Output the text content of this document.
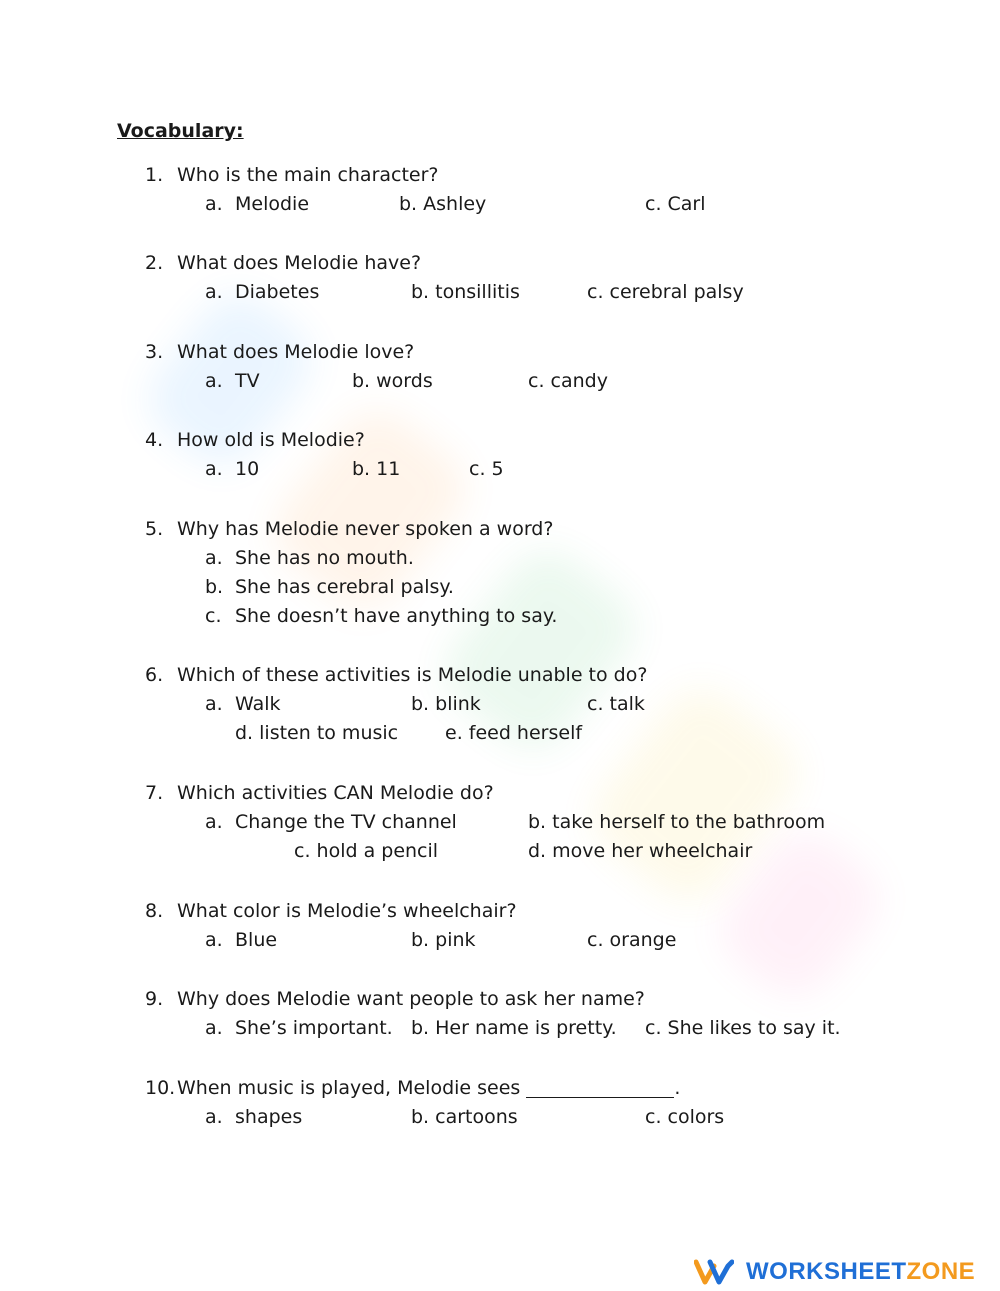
Vocabulary:
1. Who is the main character?
a. Melodie	b. Ashley	c. Carl
2. What does Melodie have?
a. Diabetes	b. tonsillitis	c. cerebral palsy
3. What does Melodie love?
a. TV	b. words	c. candy
4. How old is Melodie?
a. 10	b. 11	c. 5
5. Why has Melodie never spoken a word?
a. She has no mouth.
b. She has cerebral palsy.
c. She doesn’t have anything to say.
6. Which of these activities is Melodie unable to do?
a. Walk	b. blink	c. talk
d. listen to music e. feed herself
7. Which activities CAN Melodie do?
a. Change the TV channel	b. take herself to the bathroom
c. hold a pencil	d. move her wheelchair
8. What color is Melodie’s wheelchair?
a. Blue	b. pink	c. orange
9. Why does Melodie want people to ask her name?
a. She’s important. b. Her name is pretty. c. She likes to say it.
10. When music is played, Melodie sees
	.
a. shapes	b. cartoons	c. colors
WORKSHEETZONE
